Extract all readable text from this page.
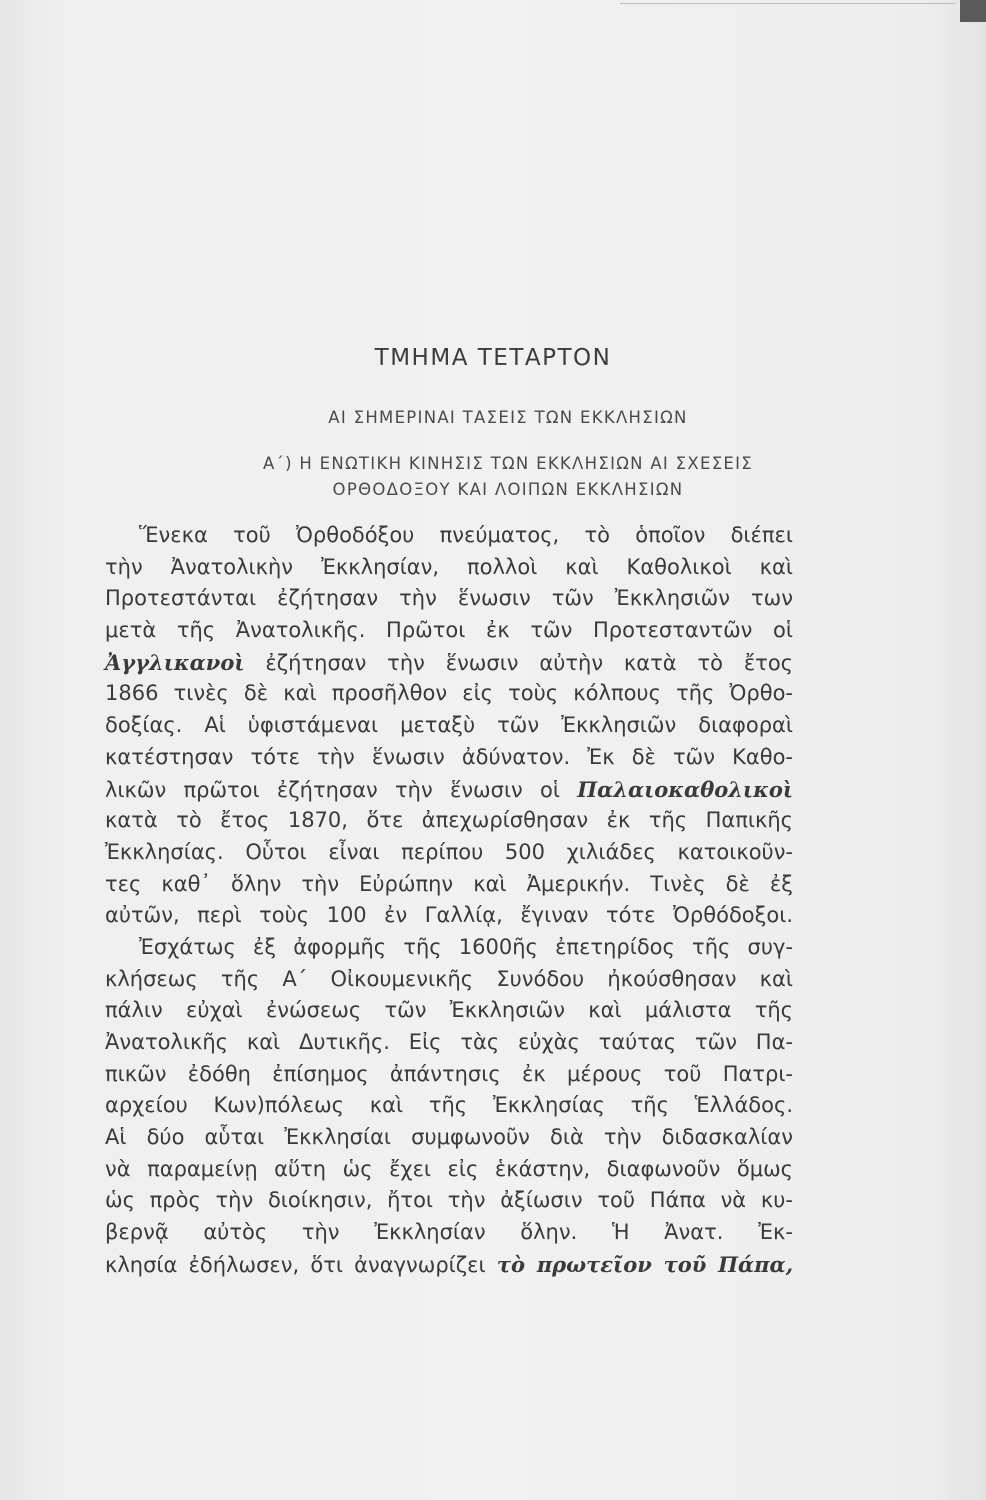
ΤΜΗΜΑ ΤΕΤΑΡΤΟΝ
ΑΙ ΣΗΜΕΡΙΝΑΙ ΤΑΣΕΙΣ ΤΩΝ ΕΚΚΛΗΣΙΩΝ
Α΄) Η ΕΝΩΤΙΚΗ ΚΙΝΗΣΙΣ ΤΩΝ ΕΚΚΛΗΣΙΩΝ ΑΙ ΣΧΕΣΕΙΣ
ΟΡΘΟΔΟΞΟΥ ΚΑΙ ΛΟΙΠΩΝ ΕΚΚΛΗΣΙΩΝ
Ἕνεκα τοῦ Ὀρθοδόξου πνεύματος, τὸ ὁποῖον διέπει
τὴν Ἀνατολικὴν Ἐκκλησίαν, πολλοὶ καὶ Καθολικοὶ καὶ
Προτεστάνται ἐζήτησαν τὴν ἕνωσιν τῶν Ἐκκλησιῶν των
μετὰ τῆς Ἀνατολικῆς. Πρῶτοι ἐκ τῶν Προτεσταντῶν οἱ
Ἀγγλικανοὶ ἐζήτησαν τὴν ἕνωσιν αὐτὴν κατὰ τὸ ἔτος
1866 τινὲς δὲ καὶ προσῆλθον εἰς τοὺς κόλπους τῆς Ὀρθο-
δοξίας. Αἱ ὑφιστάμεναι μεταξὺ τῶν Ἐκκλησιῶν διαφοραὶ
κατέστησαν τότε τὴν ἕνωσιν ἀδύνατον. Ἐκ δὲ τῶν Καθο-
λικῶν πρῶτοι ἐζήτησαν τὴν ἕνωσιν οἱ Παλαιοκαθολικοὶ
κατὰ τὸ ἔτος 1870, ὅτε ἀπεχωρίσθησαν ἐκ τῆς Παπικῆς
Ἐκκλησίας. Οὗτοι εἶναι περίπου 500 χιλιάδες κατοικοῦν-
τες καθ᾿ ὅλην τὴν Εὐρώπην καὶ Ἀμερικήν. Τινὲς δὲ ἐξ
αὐτῶν, περὶ τοὺς 100 ἐν Γαλλίᾳ, ἔγιναν τότε Ὀρθόδοξοι.
Ἐσχάτως ἐξ ἀφορμῆς τῆς 1600ῆς ἐπετηρίδος τῆς συγ-
κλήσεως τῆς Α΄ Οἰκουμενικῆς Συνόδου ἠκούσθησαν καὶ
πάλιν εὐχαὶ ἐνώσεως τῶν Ἐκκλησιῶν καὶ μάλιστα τῆς
Ἀνατολικῆς καὶ Δυτικῆς. Εἰς τὰς εὐχὰς ταύτας τῶν Πα-
πικῶν ἐδόθη ἐπίσημος ἀπάντησις ἐκ μέρους τοῦ Πατρι-
αρχείου Κων)πόλεως καὶ τῆς Ἐκκλησίας τῆς Ἑλλάδος.
Αἱ δύο αὗται Ἐκκλησίαι συμφωνοῦν διὰ τὴν διδασκαλίαν
νὰ παραμείνῃ αὕτη ὡς ἔχει εἰς ἑκάστην, διαφωνοῦν ὅμως
ὡς πρὸς τὴν διοίκησιν, ἤτοι τὴν ἀξίωσιν τοῦ Πάπα νὰ κυ-
βερνᾷ αὐτὸς τὴν Ἐκκλησίαν ὅλην. Ἡ Ἀνατ. Ἐκ-
κλησία ἐδήλωσεν, ὅτι ἀναγνωρίζει τὸ πρωτεῖον τοῦ Πάπα,
